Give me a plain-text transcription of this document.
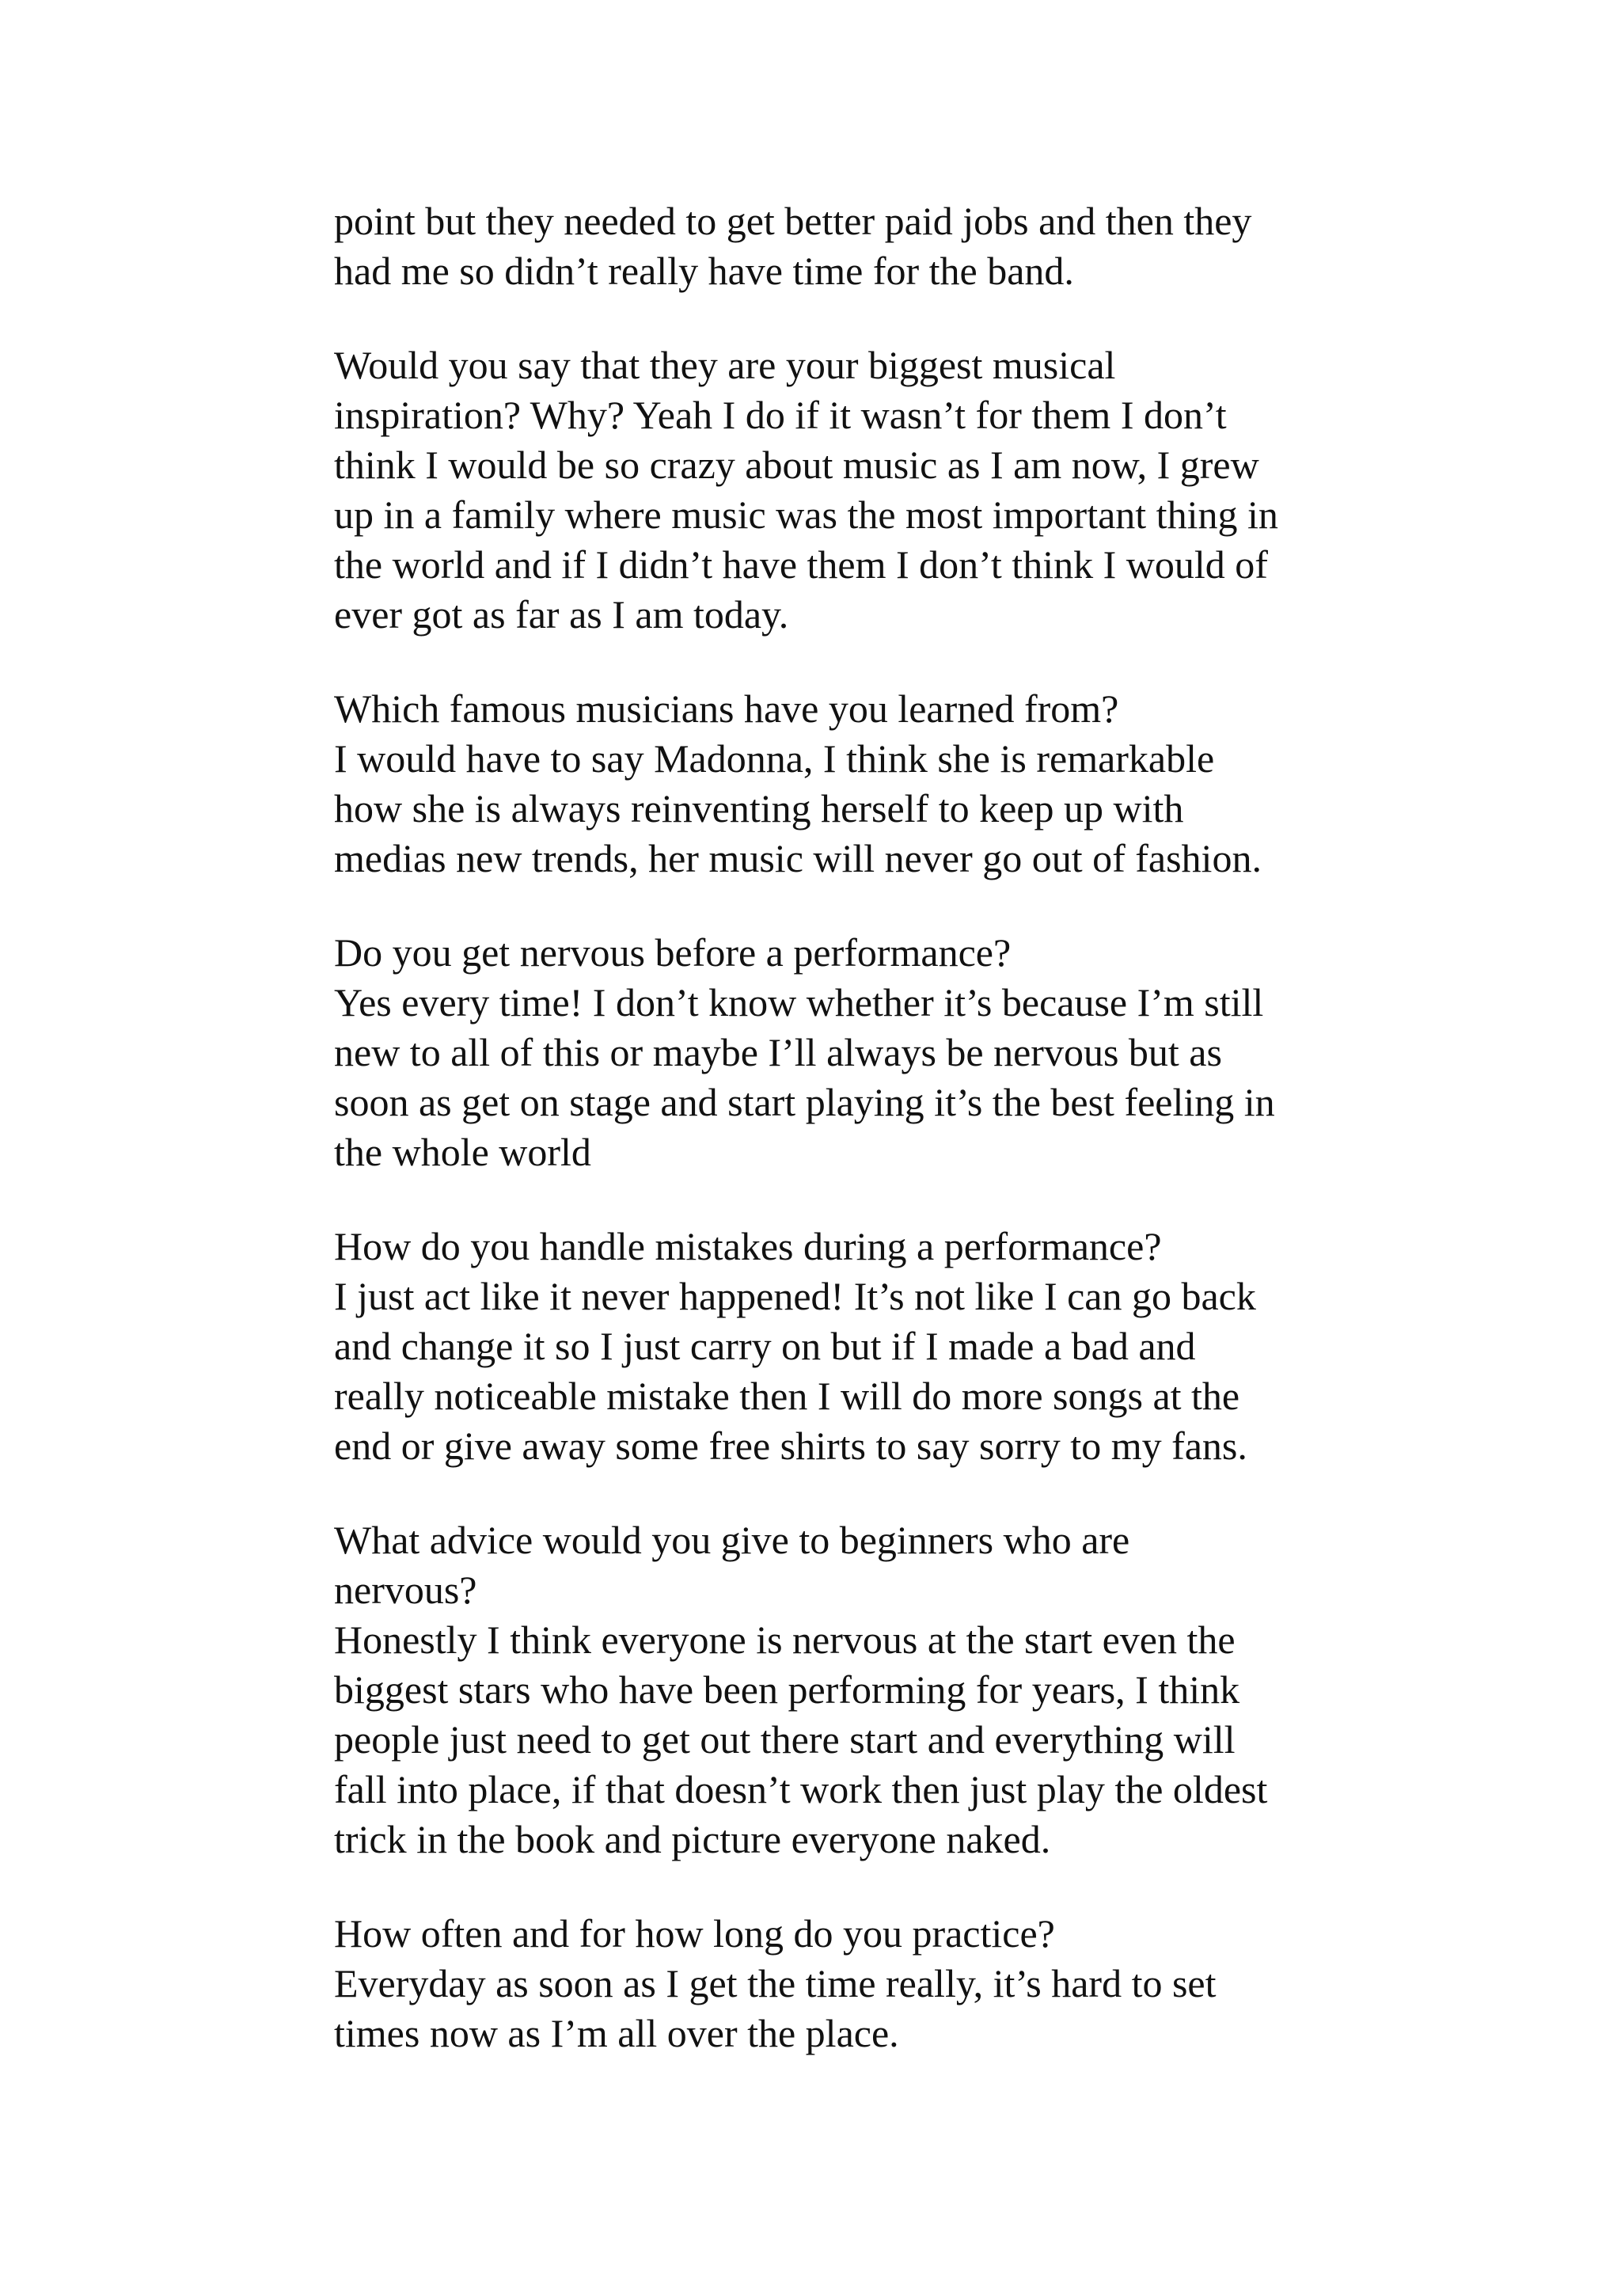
point but they needed to get better paid jobs and then they
had me so didn’t really have time for the band.

Would you say that they are your biggest musical
inspiration? Why? Yeah I do if it wasn’t for them I don’t
think I would be so crazy about music as I am now, I grew
up in a family where music was the most important thing in
the world and if I didn’t have them I don’t think I would of
ever got as far as I am today.

Which famous musicians have you learned from?
I would have to say Madonna, I think she is remarkable
how she is always reinventing herself to keep up with
medias new trends, her music will never go out of fashion.

Do you get nervous before a performance?
Yes every time! I don’t know whether it’s because I’m still
new to all of this or maybe I’ll always be nervous but as
soon as get on stage and start playing it’s the best feeling in
the whole world

How do you handle mistakes during a performance?
I just act like it never happened! It’s not like I can go back
and change it so I just carry on but if I made a bad and
really noticeable mistake then I will do more songs at the
end or give away some free shirts to say sorry to my fans.

What advice would you give to beginners who are
nervous?
Honestly I think everyone is nervous at the start even the
biggest stars who have been performing for years, I think
people just need to get out there start and everything will
fall into place, if that doesn’t work then just play the oldest
trick in the book and picture everyone naked.

How often and for how long do you practice?
Everyday as soon as I get the time really, it’s hard to set
times now as I’m all over the place.
